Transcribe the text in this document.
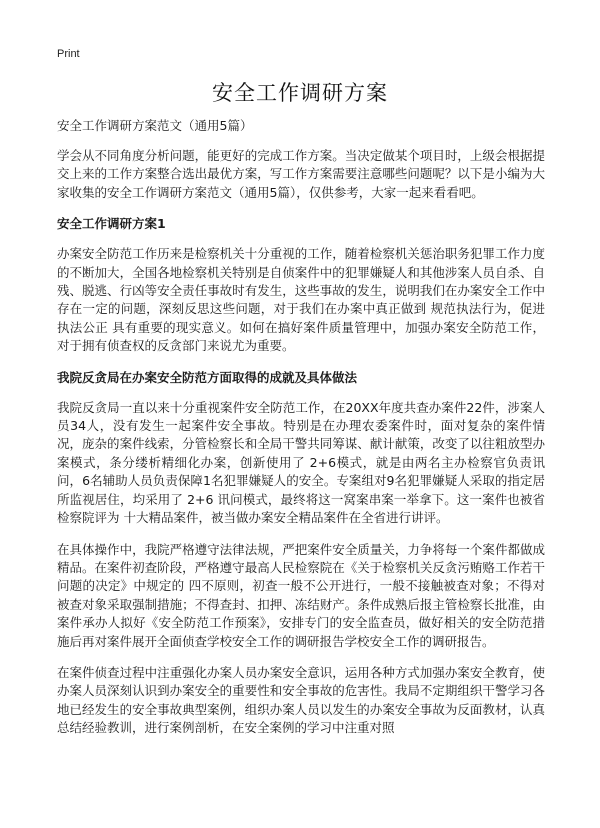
Print
安全工作调研方案

安全工作调研方案范文（通用5篇）

学会从不同角度分析问题，能更好的完成工作方案。当决定做某个项目时，上级会根据提交上来的工作方案整合选出最优方案，写工作方案需要注意哪些问题呢？以下是小编为大家收集的安全工作调研方案范文（通用5篇），仅供参考，大家一起来看看吧。

安全工作调研方案1

办案安全防范工作历来是检察机关十分重视的工作，随着检察机关惩治职务犯罪工作力度的不断加大，全国各地检察机关特别是自侦案件中的犯罪嫌疑人和其他涉案人员自杀、自残、脱逃、行凶等安全责任事故时有发生，这些事故的发生，说明我们在办案安全工作中存在一定的问题，深刻反思这些问题，对于我们在办案中真正做到 规范执法行为，促进执法公正 具有重要的现实意义。如何在搞好案件质量管理中，加强办案安全防范工作，对于拥有侦查权的反贪部门来说尤为重要。

我院反贪局在办案安全防范方面取得的成就及具体做法

我院反贪局一直以来十分重视案件安全防范工作，在20XX年度共查办案件22件，涉案人员34人，没有发生一起案件安全事故。特别是在办理农委案件时，面对复杂的案件情况，庞杂的案件线索，分管检察长和全局干警共同筹谋、献计献策，改变了以往粗放型办案模式，条分缕析精细化办案，创新使用了 2+6模式，就是由两名主办检察官负责讯问，6名辅助人员负责保障1名犯罪嫌疑人的安全。专案组对9名犯罪嫌疑人采取的指定居所监视居住，均采用了 2+6 讯问模式，最终将这一窝案串案一举拿下。这一案件也被省检察院评为 十大精品案件，被当做办案安全精品案件在全省进行讲评。

在具体操作中，我院严格遵守法律法规，严把案件安全质量关，力争将每一个案件都做成精品。在案件初查阶段，严格遵守最高人民检察院在《关于检察机关反贪污贿赂工作若干问题的决定》中规定的 四不原则，初查一般不公开进行，一般不接触被查对象；不得对被查对象采取强制措施；不得查封、扣押、冻结财产。条件成熟后报主管检察长批准，由案件承办人拟好《安全防范工作预案》，安排专门的安全监查员，做好相关的安全防范措施后再对案件展开全面侦查学校安全工作的调研报告学校安全工作的调研报告。

在案件侦查过程中注重强化办案人员办案安全意识，运用各种方式加强办案安全教育，使办案人员深刻认识到办案安全的重要性和安全事故的危害性。我局不定期组织干警学习各地已经发生的安全事故典型案例，组织办案人员以发生的办案安全事故为反面教材，认真总结经验教训，进行案例剖析，在安全案例的学习中注重对照
